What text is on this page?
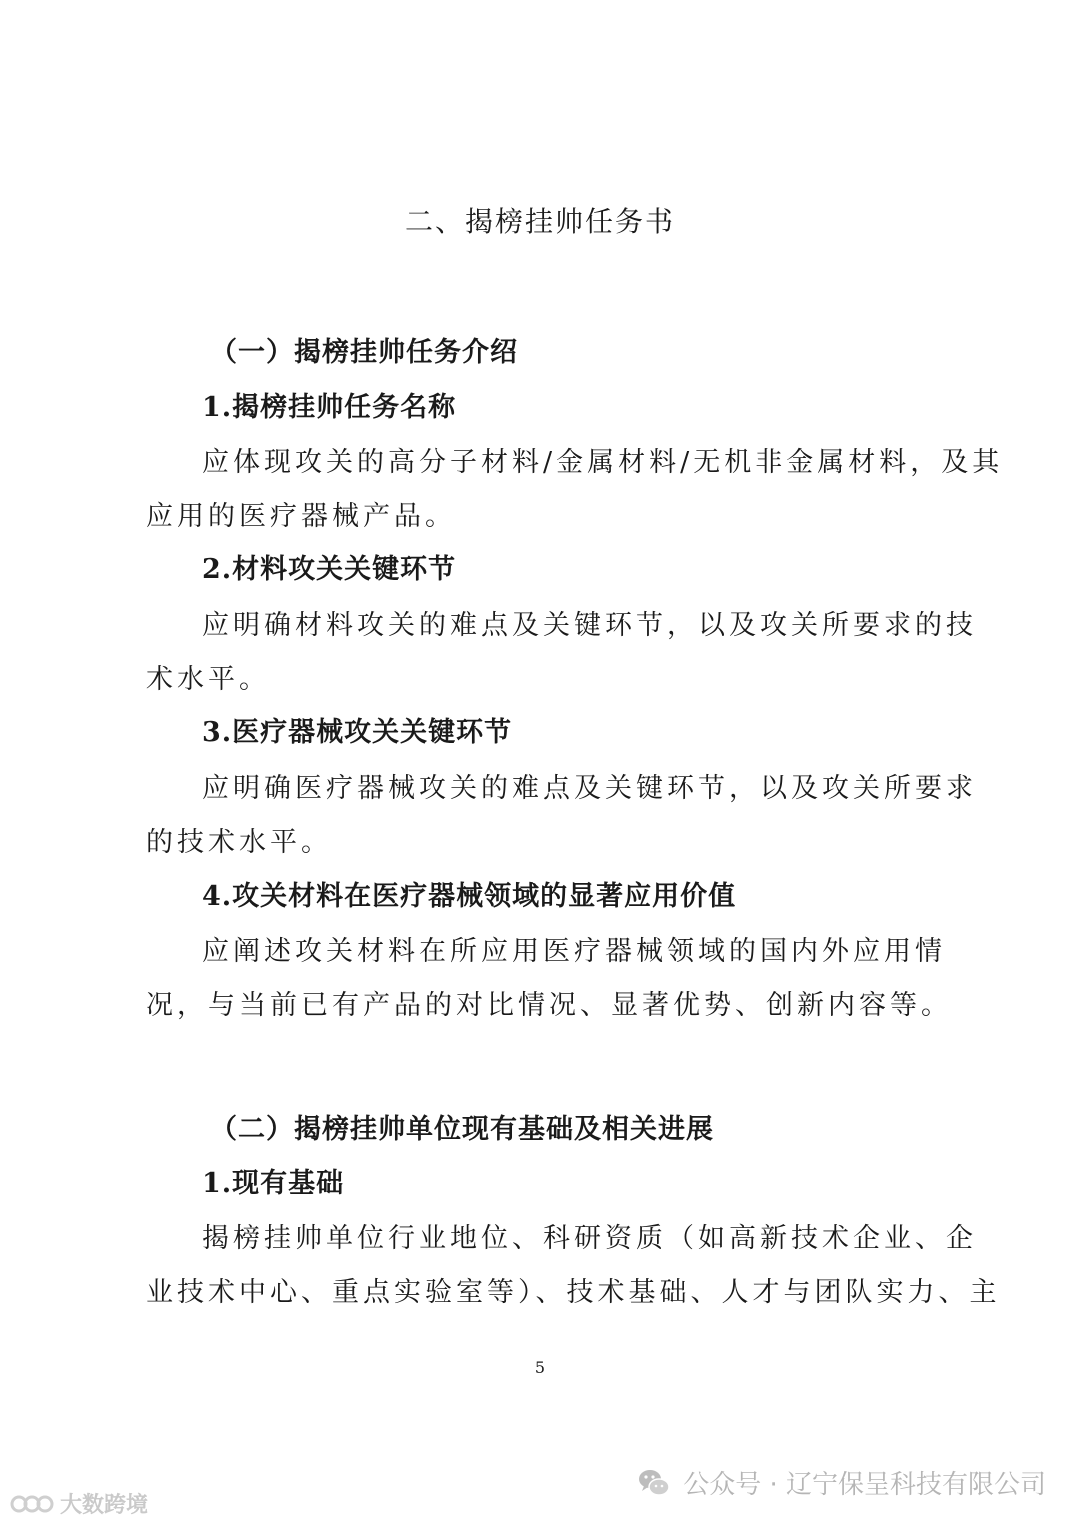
二、揭榜挂帅任务书
（一）揭榜挂帅任务介绍
1.揭榜挂帅任务名称
应体现攻关的高分子材料/金属材料/无机非金属材料，及其
应用的医疗器械产品。
2.材料攻关关键环节
应明确材料攻关的难点及关键环节，以及攻关所要求的技
术水平。
3.医疗器械攻关关键环节
应明确医疗器械攻关的难点及关键环节，以及攻关所要求
的技术水平。
4.攻关材料在医疗器械领域的显著应用价值
应阐述攻关材料在所应用医疗器械领域的国内外应用情
况，与当前已有产品的对比情况、显著优势、创新内容等。
（二）揭榜挂帅单位现有基础及相关进展
1.现有基础
揭榜挂帅单位行业地位、科研资质（如高新技术企业、企
业技术中心、重点实验室等）、技术基础、人才与团队实力、主
5
公众号 · 辽宁保呈科技有限公司
大数跨境
